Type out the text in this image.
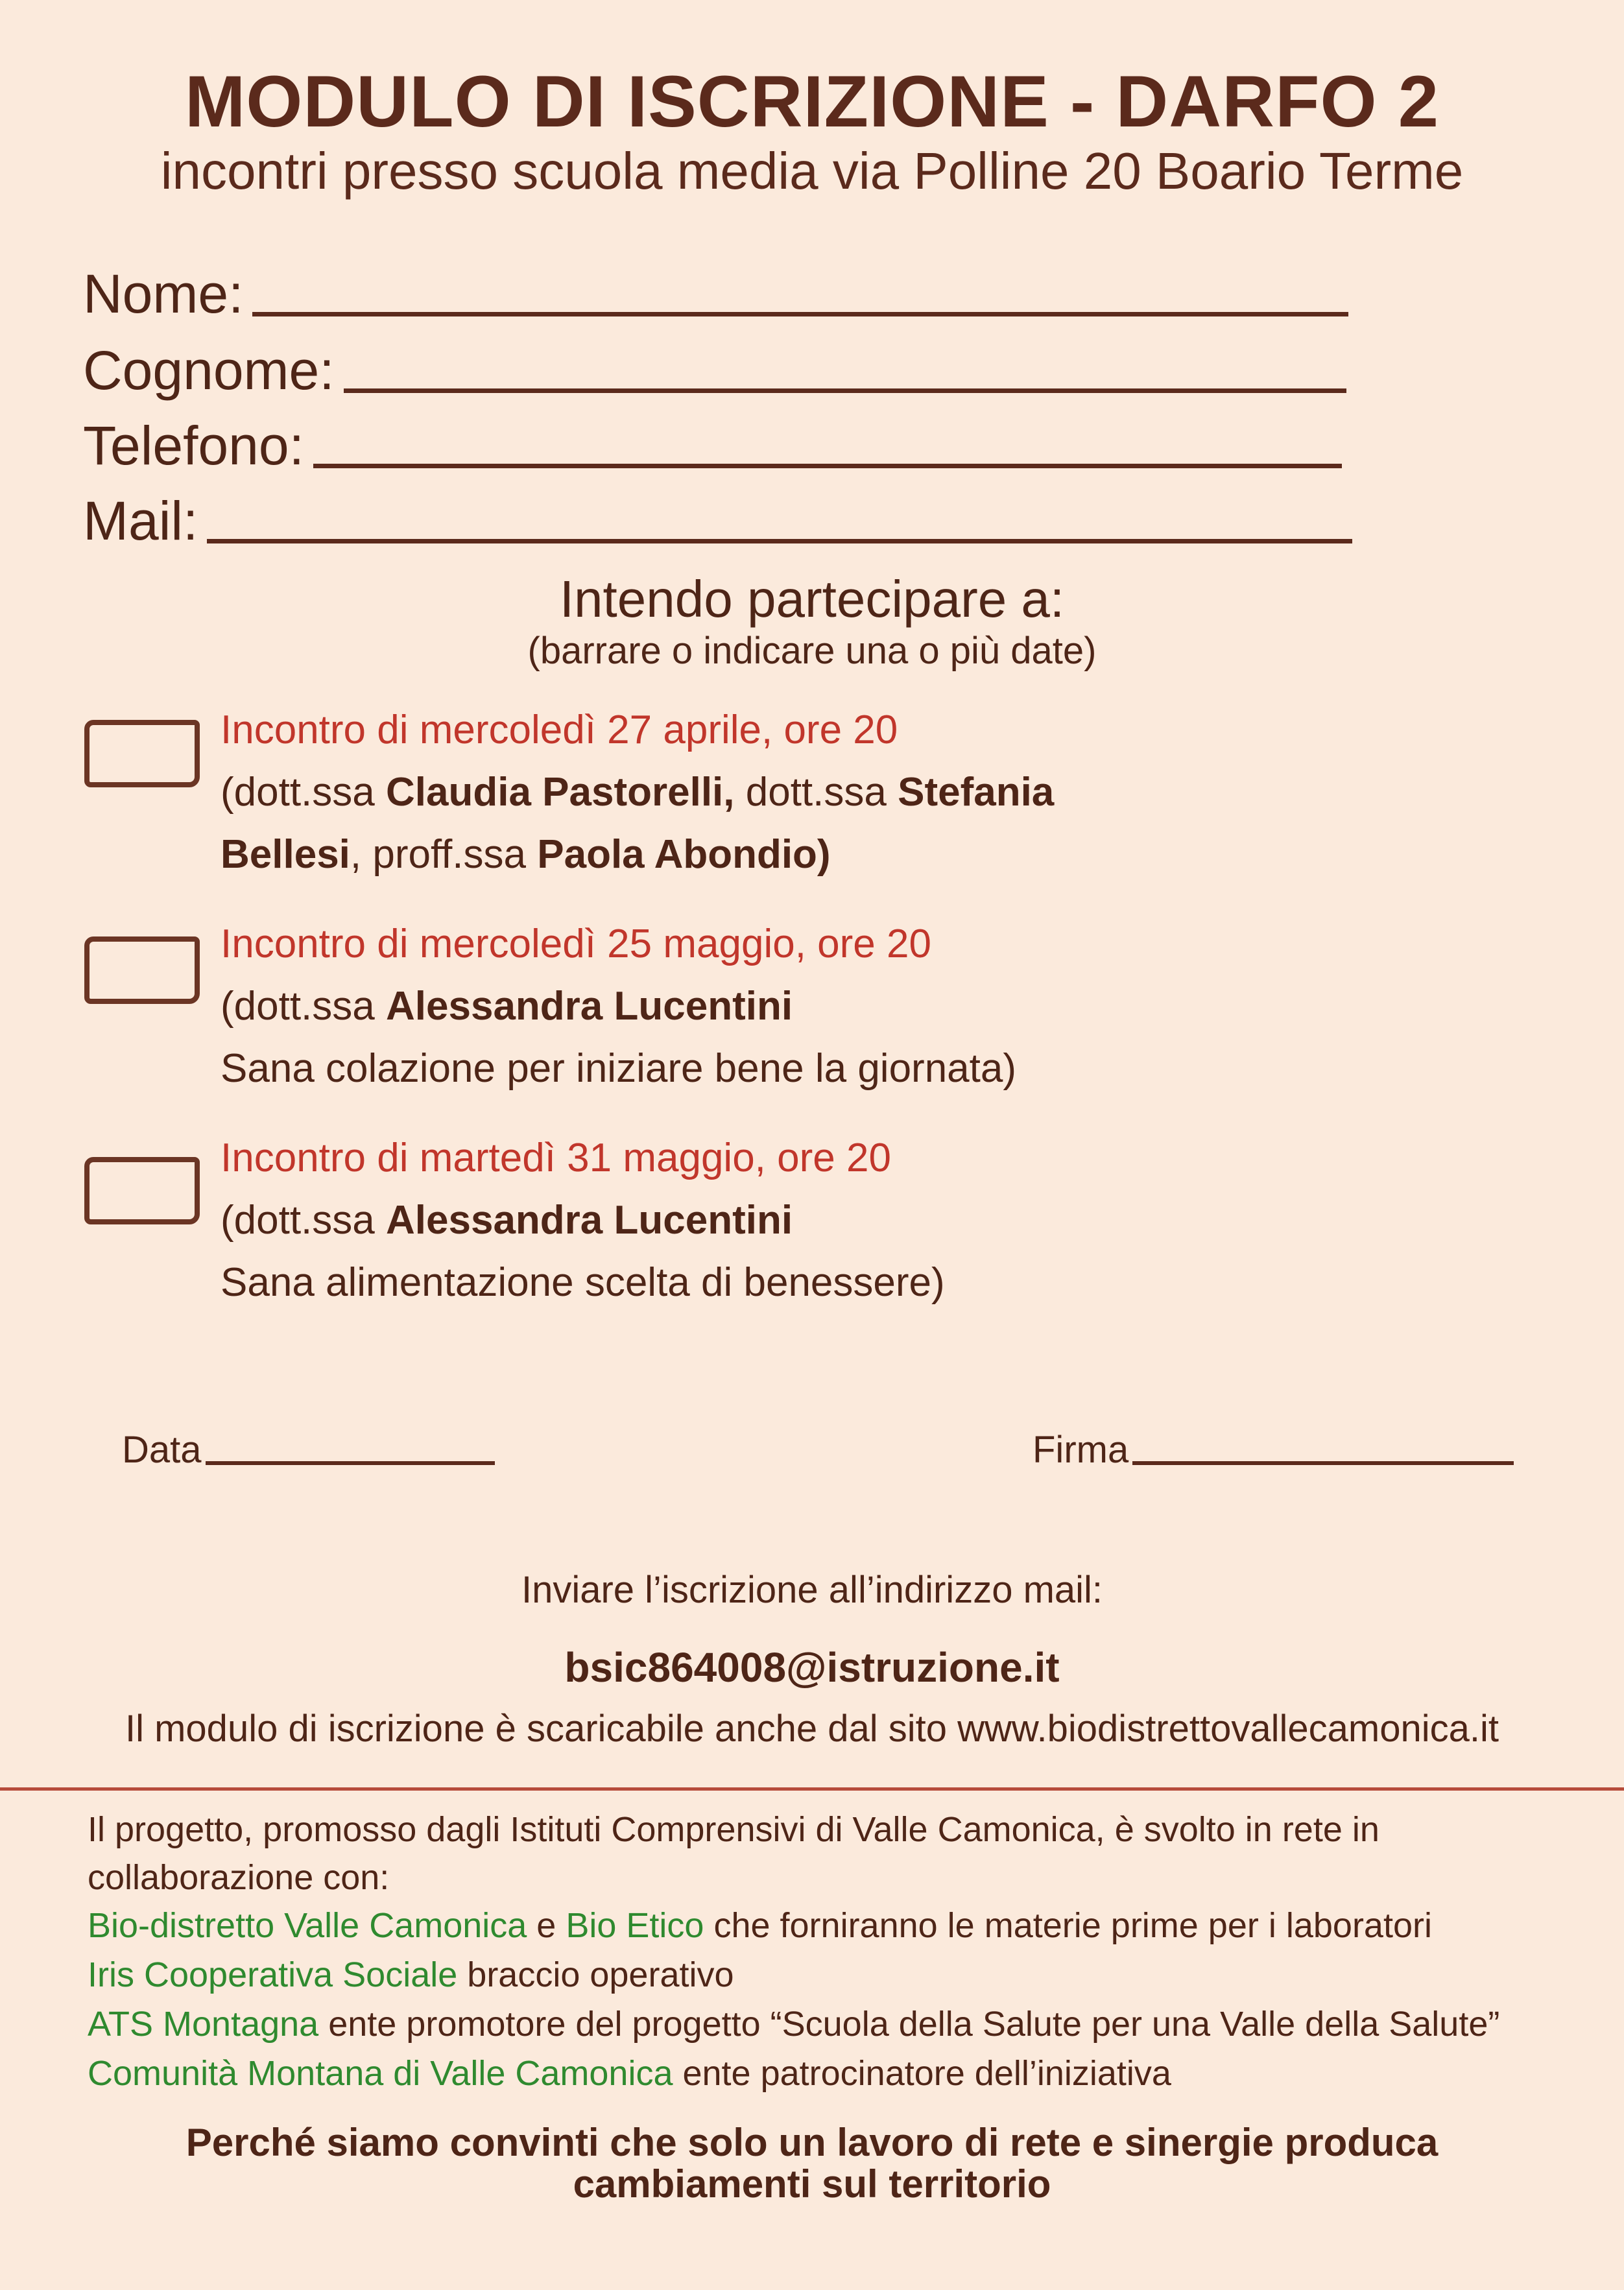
MODULO DI ISCRIZIONE - DARFO 2
incontri presso scuola media via Polline 20 Boario Terme
Nome:
Cognome:
Telefono:
Mail:
Intendo partecipare a:
(barrare o indicare una o più date)
Incontro di mercoledì 27 aprile, ore 20
(dott.ssa Claudia Pastorelli, dott.ssa Stefania
Bellesi, proff.ssa Paola Abondio)
Incontro di mercoledì 25 maggio, ore 20
(dott.ssa Alessandra Lucentini
Sana colazione per iniziare bene la giornata)
Incontro di martedì 31 maggio, ore 20
(dott.ssa Alessandra Lucentini
Sana alimentazione scelta di benessere)
Data	Firma
Inviare l’iscrizione all’indirizzo mail:
bsic864008@istruzione.it
Il modulo di iscrizione è scaricabile anche dal sito www.biodistrettovallecamonica.it
Il progetto, promosso dagli Istituti Comprensivi di Valle Camonica, è svolto in rete in collaborazione con:
Bio-distretto Valle Camonica e Bio Etico che forniranno le materie prime per i laboratori
Iris Cooperativa Sociale braccio operativo
ATS Montagna ente promotore del progetto “Scuola della Salute per una Valle della Salute”
Comunità Montana di Valle Camonica ente patrocinatore dell’iniziativa
Perché siamo convinti che solo un lavoro di rete e sinergie produca
cambiamenti sul territorio
